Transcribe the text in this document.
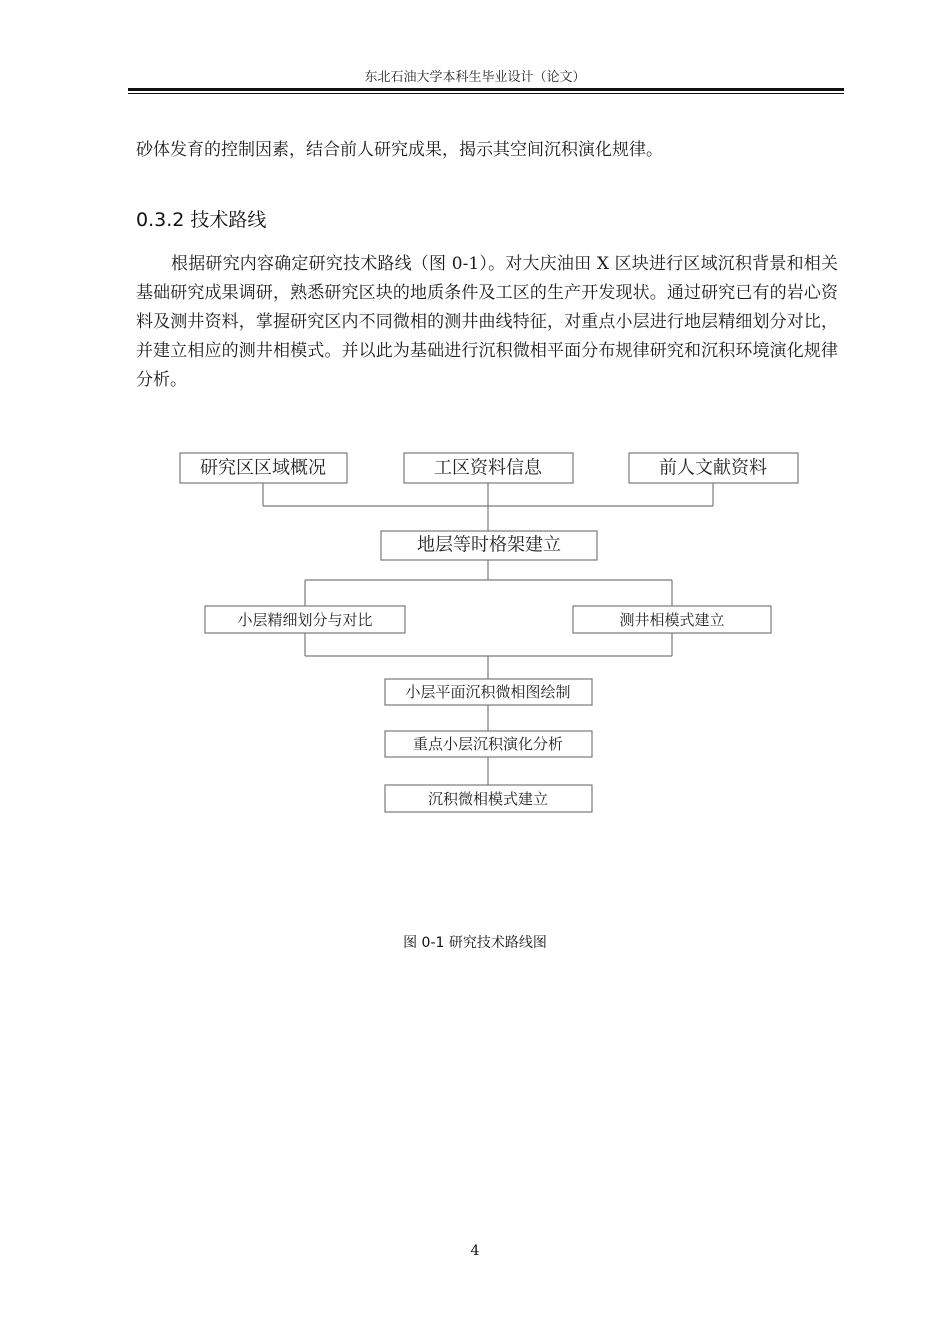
东北石油大学本科生毕业设计（论文）
砂体发育的控制因素，结合前人研究成果，揭示其空间沉积演化规律。
0.3.2 技术路线
根据研究内容确定研究技术路线（图 0-1）。对大庆油田 X 区块进行区域沉积背景和相关基础研究成果调研，熟悉研究区块的地质条件及工区的生产开发现状。通过研究已有的岩心资料及测井资料，掌握研究区内不同微相的测井曲线特征，对重点小层进行地层精细划分对比，并建立相应的测井相模式。并以此为基础进行沉积微相平面分布规律研究和沉积环境演化规律分析。
研究区区域概况	工区资料信息	前人文献资料
地层等时格架建立
小层精细划分与对比	测井相模式建立
小层平面沉积微相图绘制
重点小层沉积演化分析
沉积微相模式建立
图 0-1 研究技术路线图
4
